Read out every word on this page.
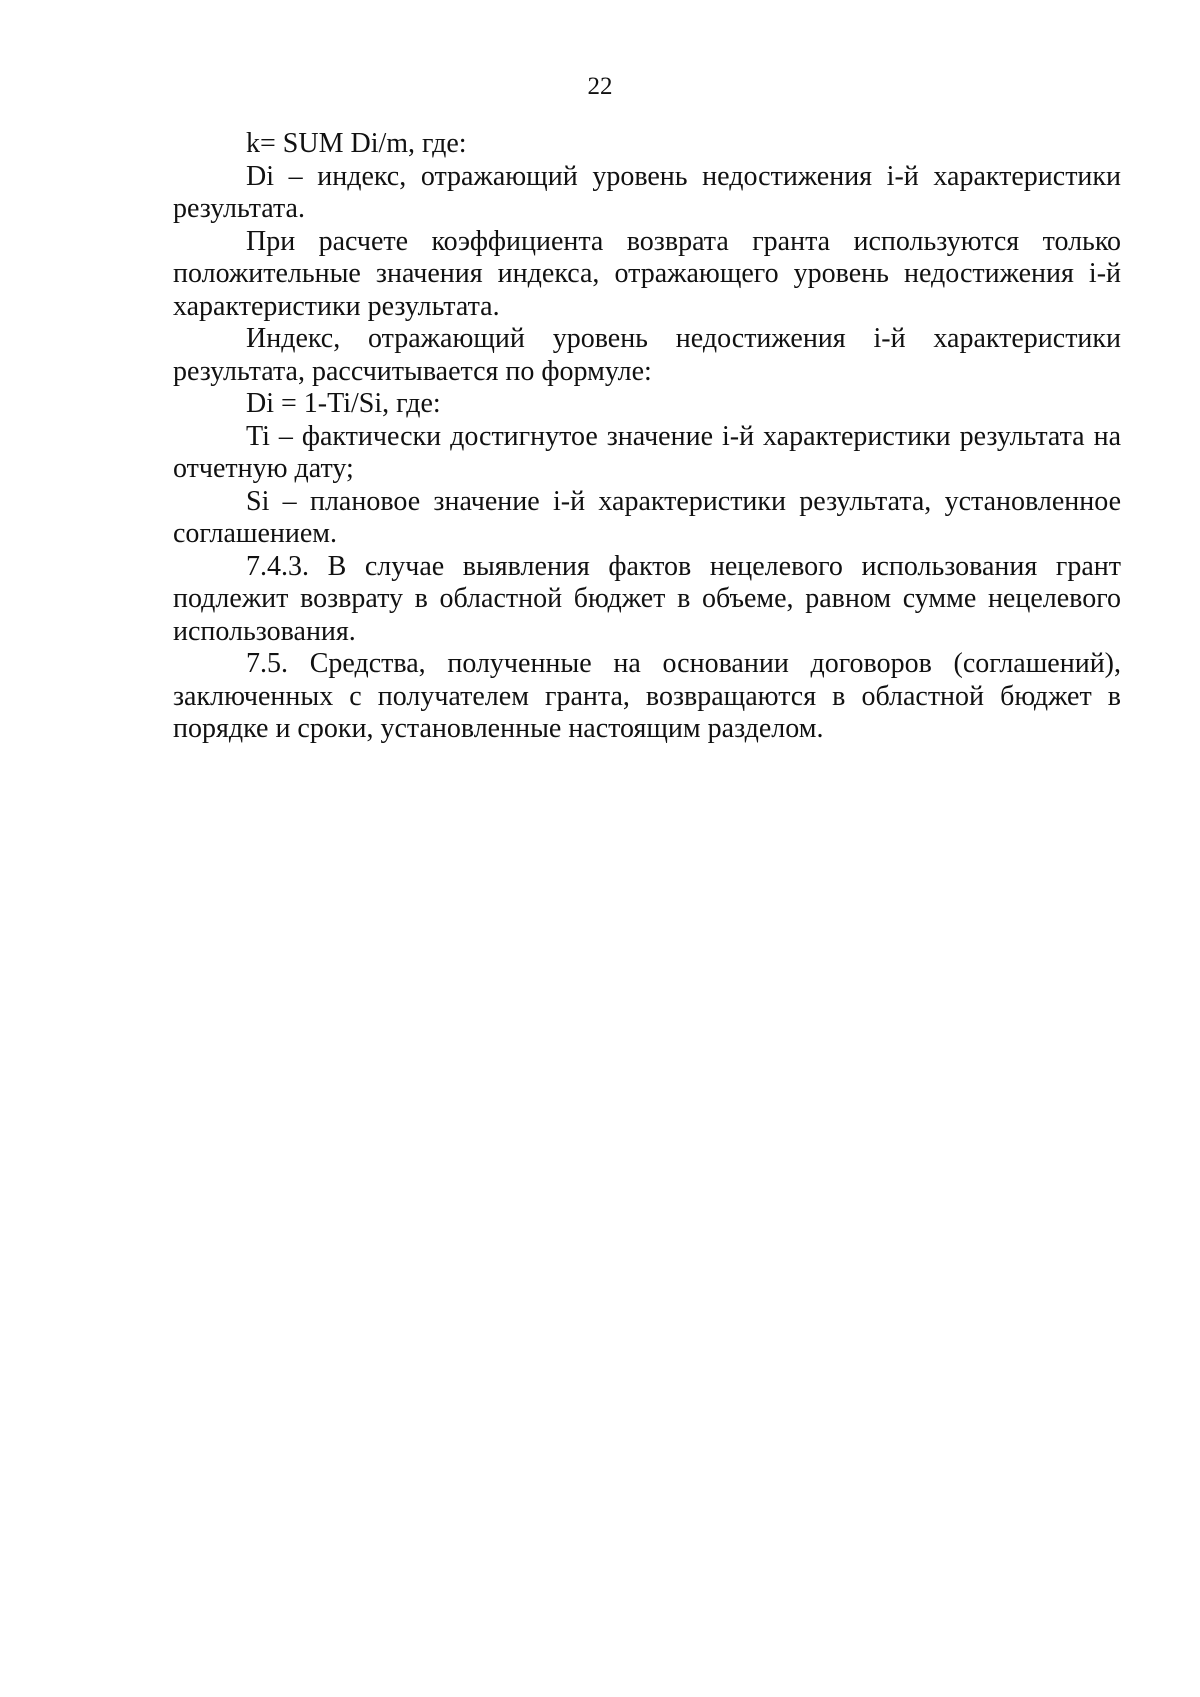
22

k= SUM Di/m, где:

Di – индекс, отражающий уровень недостижения i-й характеристики результата.

При расчете коэффициента возврата гранта используются только положительные значения индекса, отражающего уровень недостижения i-й характеристики результата.

Индекс, отражающий уровень недостижения i-й характеристики результата, рассчитывается по формуле:

Di = 1-Ti/Si, где:

Ti – фактически достигнутое значение i-й характеристики результата на отчетную дату;

Si – плановое значение i-й характеристики результата, установленное соглашением.

7.4.3. В случае выявления фактов нецелевого использования грант подлежит возврату в областной бюджет в объеме, равном сумме нецелевого использования.

7.5. Средства, полученные на основании договоров (соглашений), заключенных с получателем гранта, возвращаются в областной бюджет в порядке и сроки, установленные настоящим разделом.
